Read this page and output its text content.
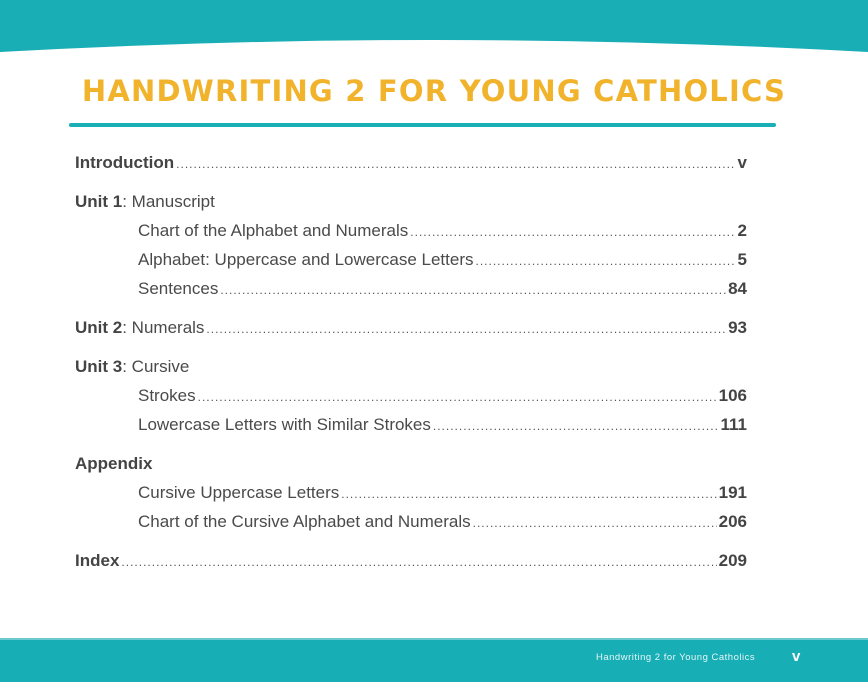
HANDWRITING 2 FOR YOUNG CATHOLICS
Introduction .....	v
Unit 1: Manuscript
Chart of the Alphabet and Numerals .....	2
Alphabet: Uppercase and Lowercase Letters .....	5
Sentences .....	84
Unit 2: Numerals .....	93
Unit 3: Cursive
Strokes .....	106
Lowercase Letters with Similar Strokes .....	111
Appendix
Cursive Uppercase Letters .....	191
Chart of the Cursive Alphabet and Numerals .....	206
Index .....	209
Handwriting 2 for Young Catholics v
